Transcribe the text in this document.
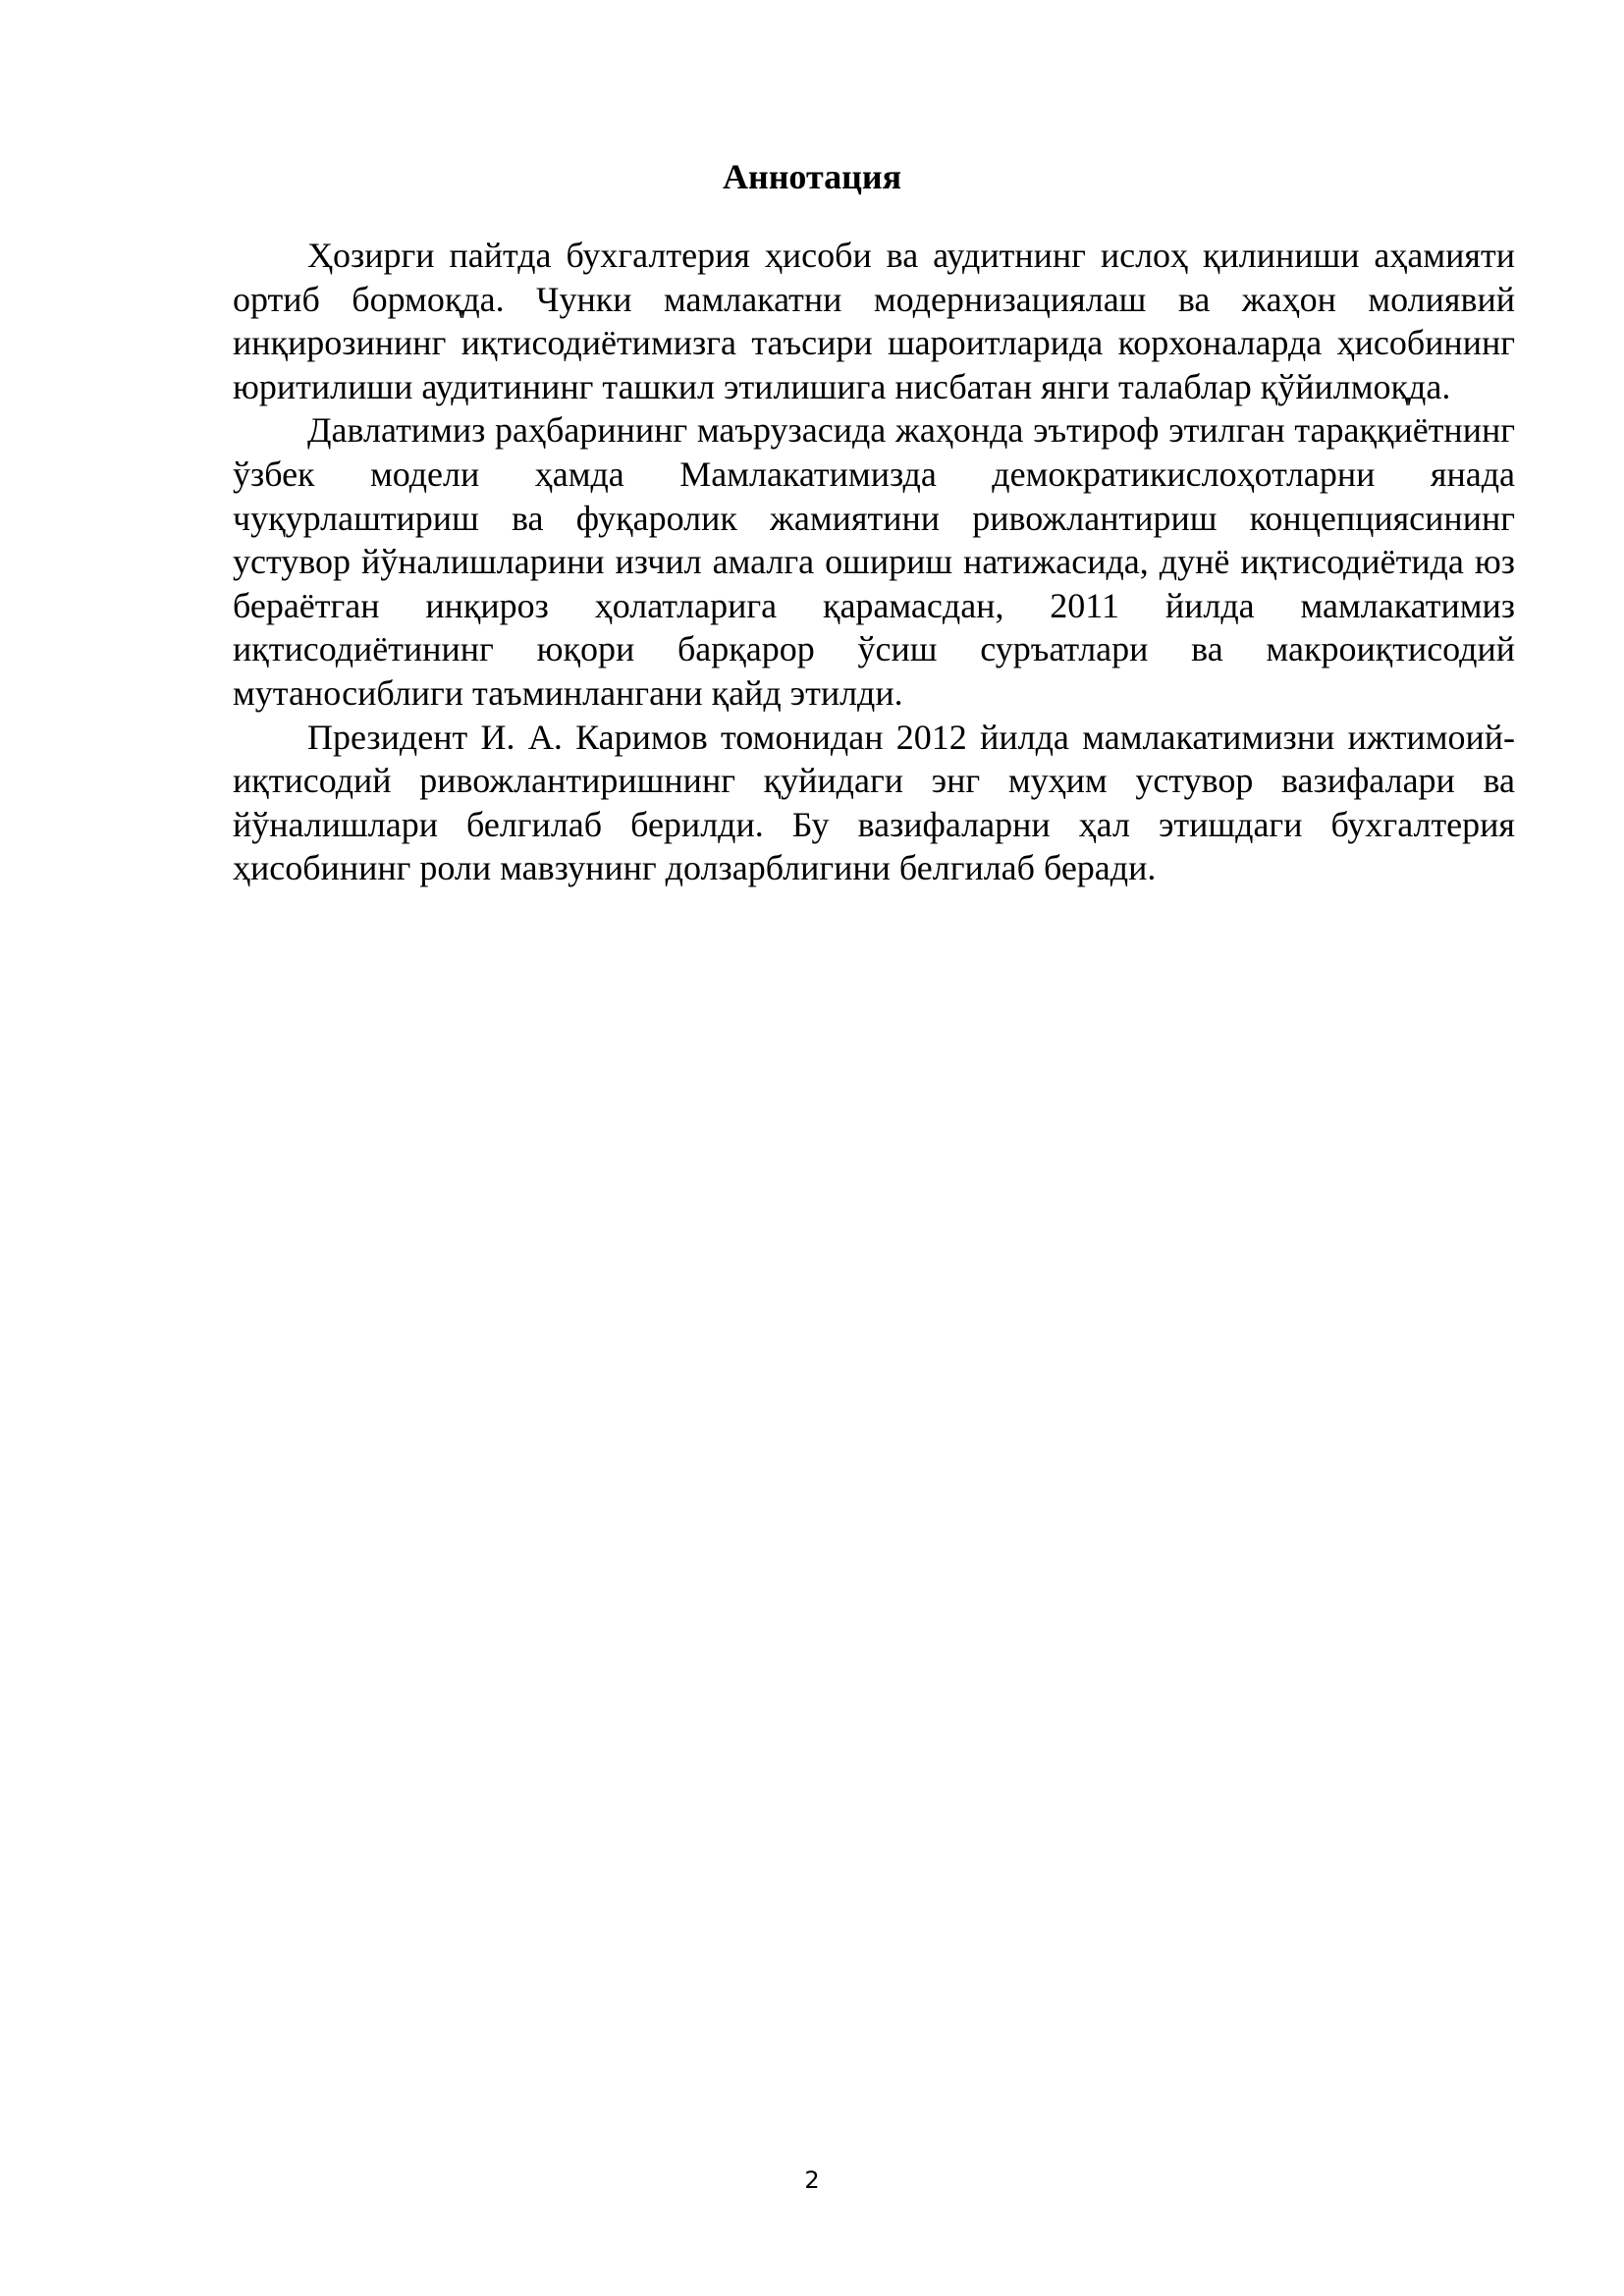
Аннотация

Ҳозирги пайтда бухгалтерия ҳисоби ва аудитнинг ислоҳ қилиниши аҳамияти ортиб бормоқда. Чунки мамлакатни модернизациялаш ва жаҳон молиявий инқирозининг иқтисодиётимизга таъсири шароитларида корхоналарда ҳисобининг юритилиши аудитининг ташкил этилишига нисбатан янги талаблар қўйилмоқда.

Давлатимиз раҳбарининг маърузасида жаҳонда эътироф этилган тараққиётнинг ўзбек модели ҳамда Мамлакатимизда демократикислоҳотларни янада чуқурлаштириш ва фуқаролик жамиятини ривожлантириш концепциясининг устувор йўналишларини изчил амалга ошириш натижасида, дунё иқтисодиётида юз бераётган инқироз ҳолатларига қарамасдан, 2011 йилда мамлакатимиз иқтисодиётининг юқори барқарор ўсиш суръатлари ва макроиқтисодий мутаносиблиги таъминлангани қайд этилди.

Президент И. А. Каримов томонидан 2012 йилда мамлакатимизни ижтимоий-иқтисодий ривожлантиришнинг қуйидаги энг муҳим устувор вазифалари ва йўналишлари белгилаб берилди. Бу вазифаларни ҳал этишдаги бухгалтерия ҳисобининг роли мавзунинг долзарблигини белгилаб беради.

2
